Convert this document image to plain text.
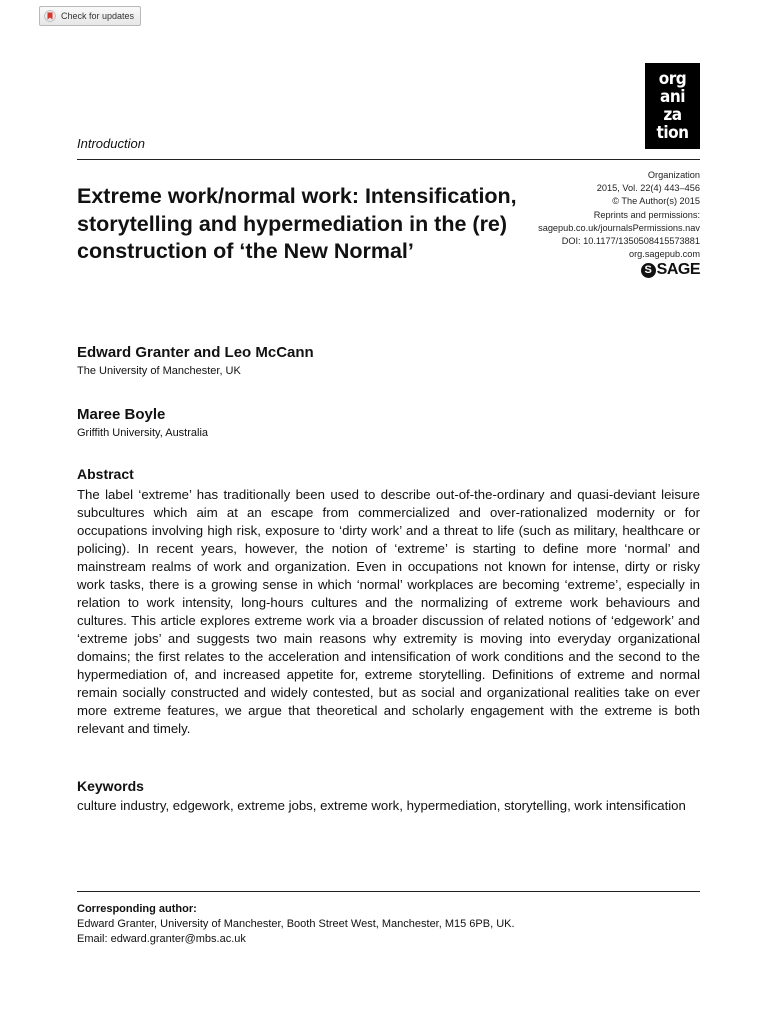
Check for updates
org
ani
za
tion
Introduction
Organization
2015, Vol. 22(4) 443–456
© The Author(s) 2015
Reprints and permissions:
sagepub.co.uk/journalsPermissions.nav
DOI: 10.1177/1350508415573881
org.sagepub.com
S SAGE
Extreme work/normal work: Intensification, storytelling and hypermediation in the (re) construction of ‘the New Normal’
Edward Granter and Leo McCann
The University of Manchester, UK
Maree Boyle
Griffith University, Australia
Abstract

The label ‘extreme’ has traditionally been used to describe out-of-the-ordinary and quasi-deviant leisure subcultures which aim at an escape from commercialized and over-rationalized modernity or for occupations involving high risk, exposure to ‘dirty work’ and a threat to life (such as military, healthcare or policing). In recent years, however, the notion of ‘extreme’ is starting to define more ‘normal’ and mainstream realms of work and organization. Even in occupations not known for intense, dirty or risky work tasks, there is a growing sense in which ‘normal’ workplaces are becoming ‘extreme’, especially in relation to work intensity, long-hours cultures and the normalizing of extreme work behaviours and cultures. This article explores extreme work via a broader discussion of related notions of ‘edgework’ and ‘extreme jobs’ and suggests two main reasons why extremity is moving into everyday organizational domains; the first relates to the acceleration and intensification of work conditions and the second to the hypermediation of, and increased appetite for, extreme storytelling. Definitions of extreme and normal remain socially constructed and widely contested, but as social and organizational realities take on ever more extreme features, we argue that theoretical and scholarly engagement with the extreme is both relevant and timely.

Keywords

culture industry, edgework, extreme jobs, extreme work, hypermediation, storytelling, work intensification

Corresponding author:
Edward Granter, University of Manchester, Booth Street West, Manchester, M15 6PB, UK.
Email: edward.granter@mbs.ac.uk
